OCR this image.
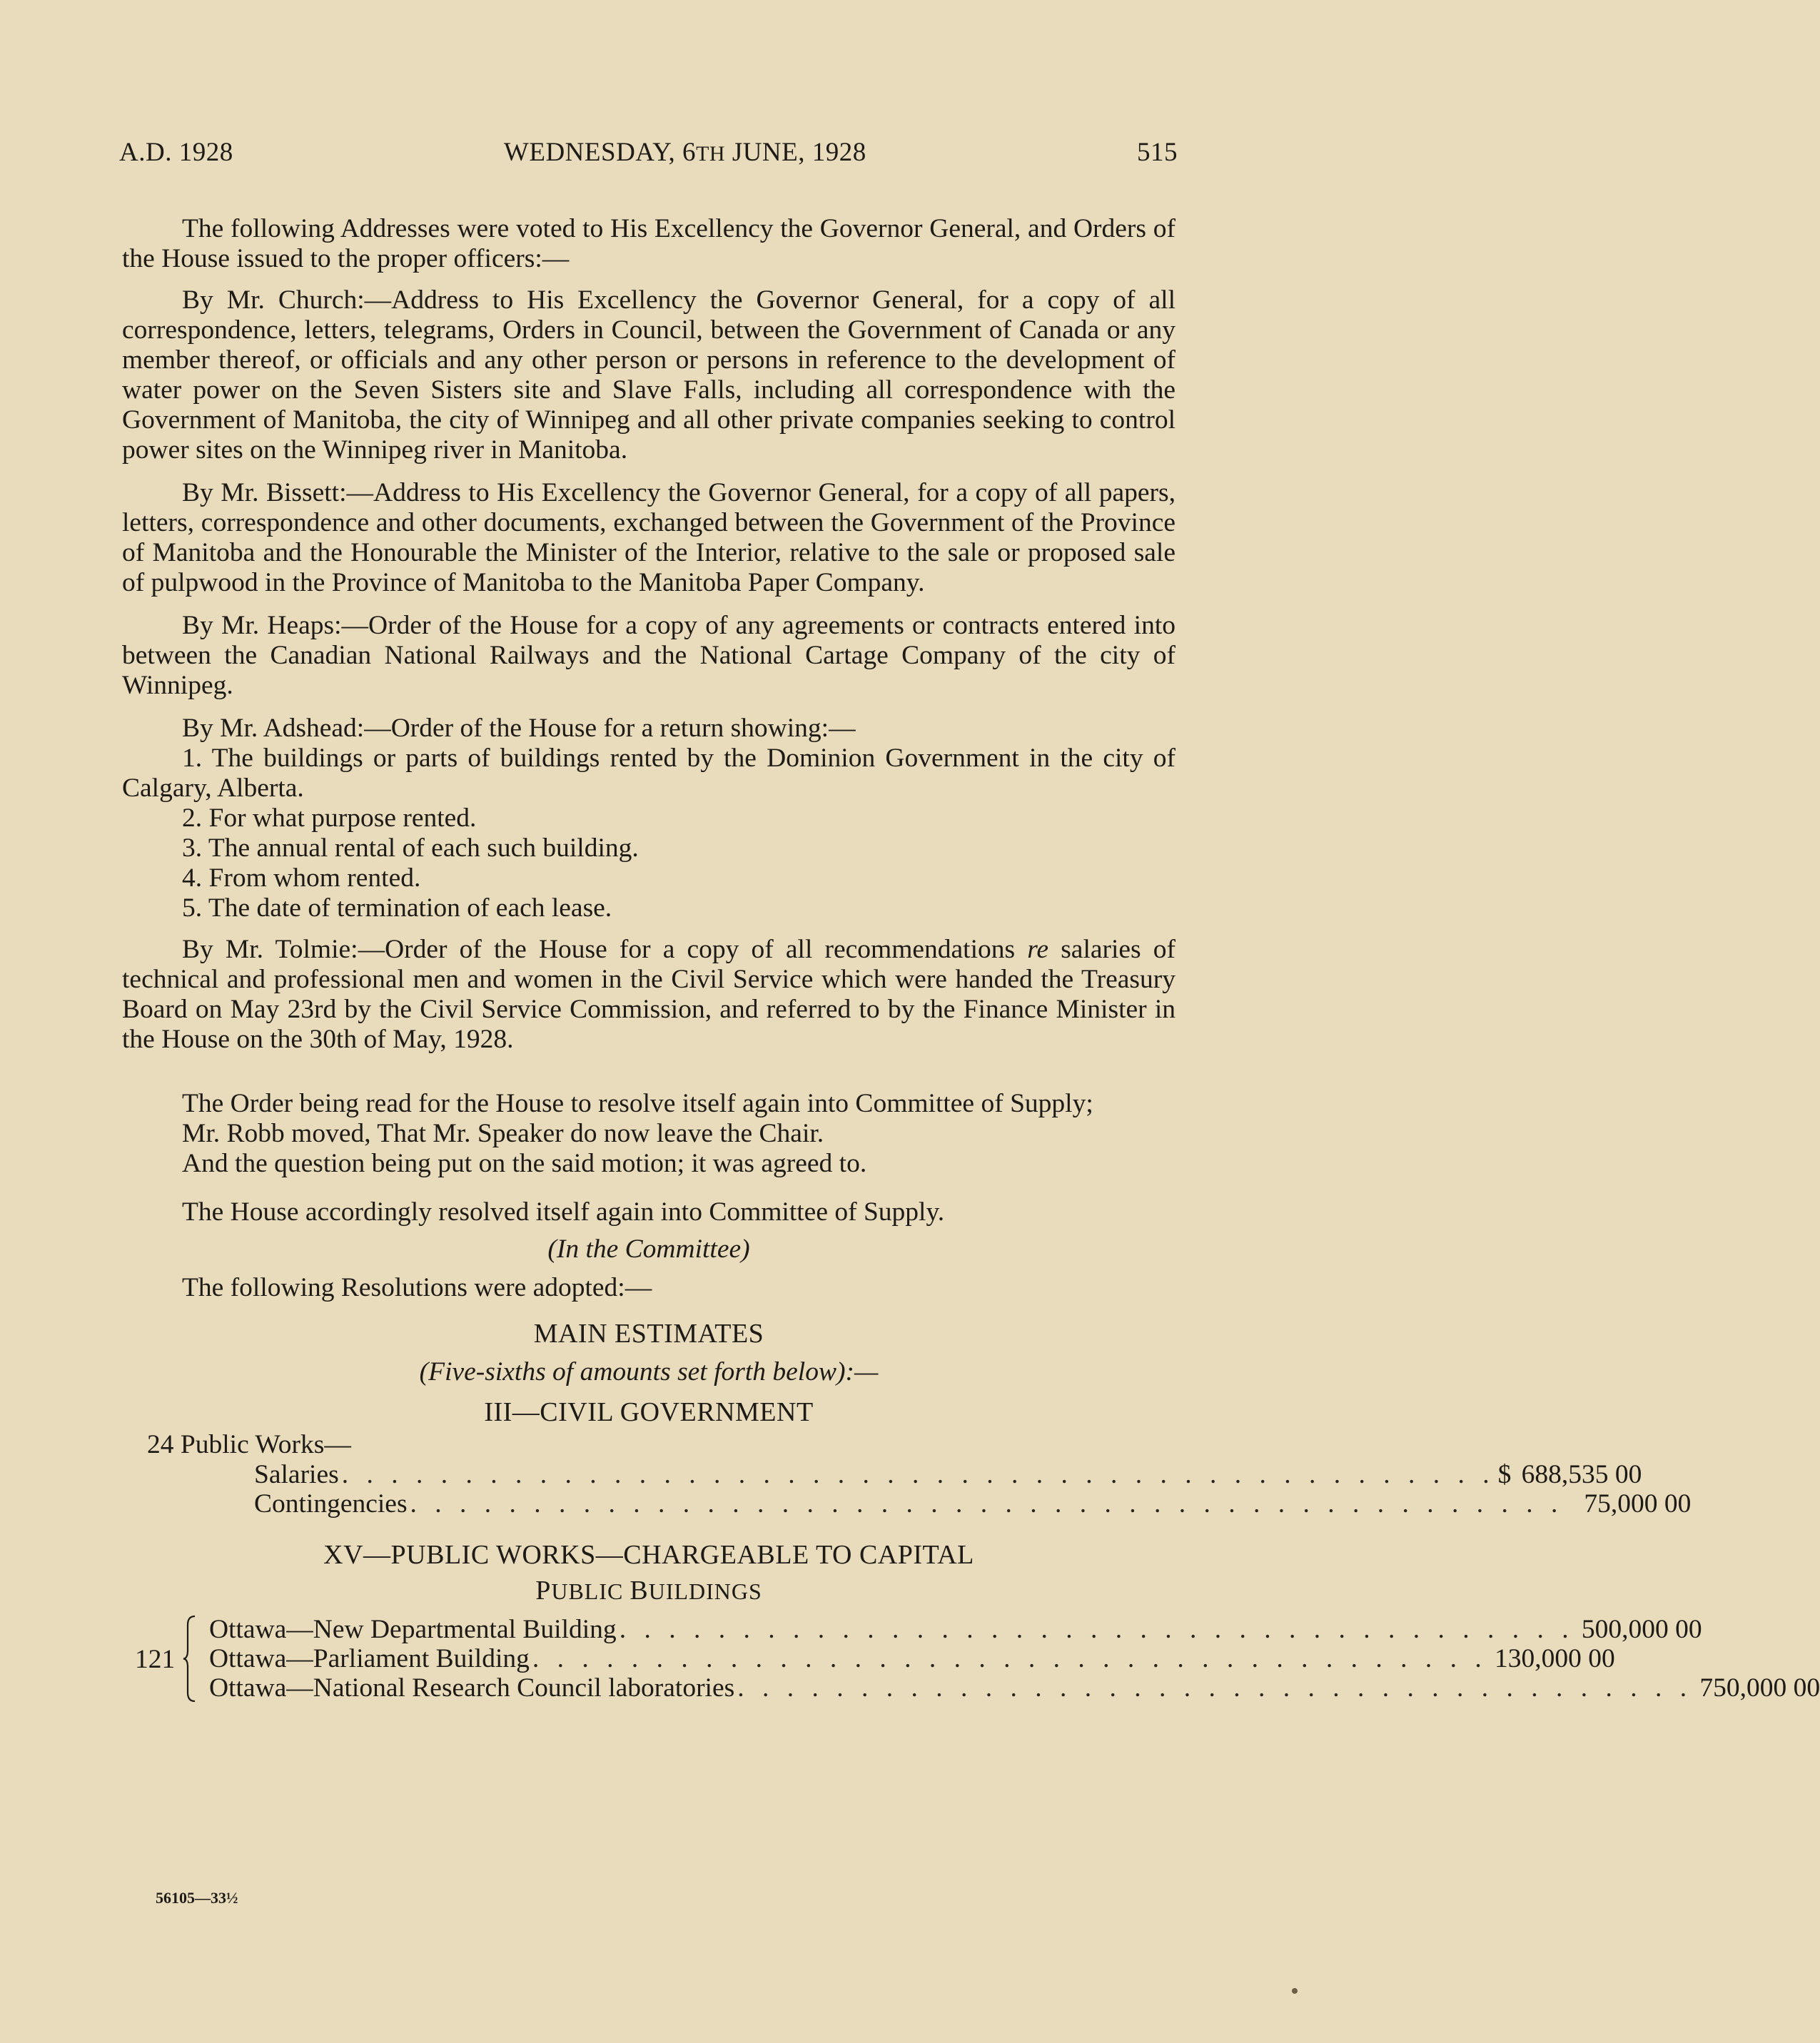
A.D. 1928	WEDNESDAY, 6TH JUNE, 1928	515

The following Addresses were voted to His Excellency the Governor General, and Orders of the House issued to the proper officers:—

By Mr. Church:—Address to His Excellency the Governor General, for a copy of all correspondence, letters, telegrams, Orders in Council, between the Government of Canada or any member thereof, or officials and any other person or persons in reference to the development of water power on the Seven Sisters site and Slave Falls, including all correspondence with the Government of Manitoba, the city of Winnipeg and all other private companies seeking to control power sites on the Winnipeg river in Manitoba.

By Mr. Bissett:—Address to His Excellency the Governor General, for a copy of all papers, letters, correspondence and other documents, exchanged between the Government of the Province of Manitoba and the Honourable the Minister of the Interior, relative to the sale or proposed sale of pulpwood in the Province of Manitoba to the Manitoba Paper Company.

By Mr. Heaps:—Order of the House for a copy of any agreements or contracts entered into between the Canadian National Railways and the National Cartage Company of the city of Winnipeg.

By Mr. Adshead:—Order of the House for a return showing:—

1. The buildings or parts of buildings rented by the Dominion Government in the city of Calgary, Alberta.
2. For what purpose rented.
3. The annual rental of each such building.
4. From whom rented.
5. The date of termination of each lease.

By Mr. Tolmie:—Order of the House for a copy of all recommendations re salaries of technical and professional men and women in the Civil Service which were handed the Treasury Board on May 23rd by the Civil Service Commission, and referred to by the Finance Minister in the House on the 30th of May, 1928.

The Order being read for the House to resolve itself again into Committee of Supply;

Mr. Robb moved, That Mr. Speaker do now leave the Chair.

And the question being put on the said motion; it was agreed to.

The House accordingly resolved itself again into Committee of Supply.

(In the Committee)

The following Resolutions were adopted:—

MAIN ESTIMATES
(Five-sixths of amounts set forth below):—
III—CIVIL GOVERNMENT
24 Public Works—
Salaries . . . . . . . . . . . . . . . . . . . . . . . . . . . . . . . . . . . . . . . . . . . . . . . $ 688,535 00
Contingencies . . . . . . . . . . . . . . . . . . . . . . . . . . . . . . . . . . . . . . . . . . . . . . . 75,000 00
XV—PUBLIC WORKS—CHARGEABLE TO CAPITAL
PUBLIC BUILDINGS
121
Ottawa—New Departmental Building . . . . . . . . . . . . . . . . . . . . . . . . . . . . . . . . . . . . . . . 500,000 00
Ottawa—Parliament Building . . . . . . . . . . . . . . . . . . . . . . . . . . . . . . . . . . . . . . . 130,000 00
Ottawa—National Research Council laboratories . . . . . . . . . . . . . . . . . . . . . . . . . . . . . . . . . . . . . . . 750,000 00
56105—33½
